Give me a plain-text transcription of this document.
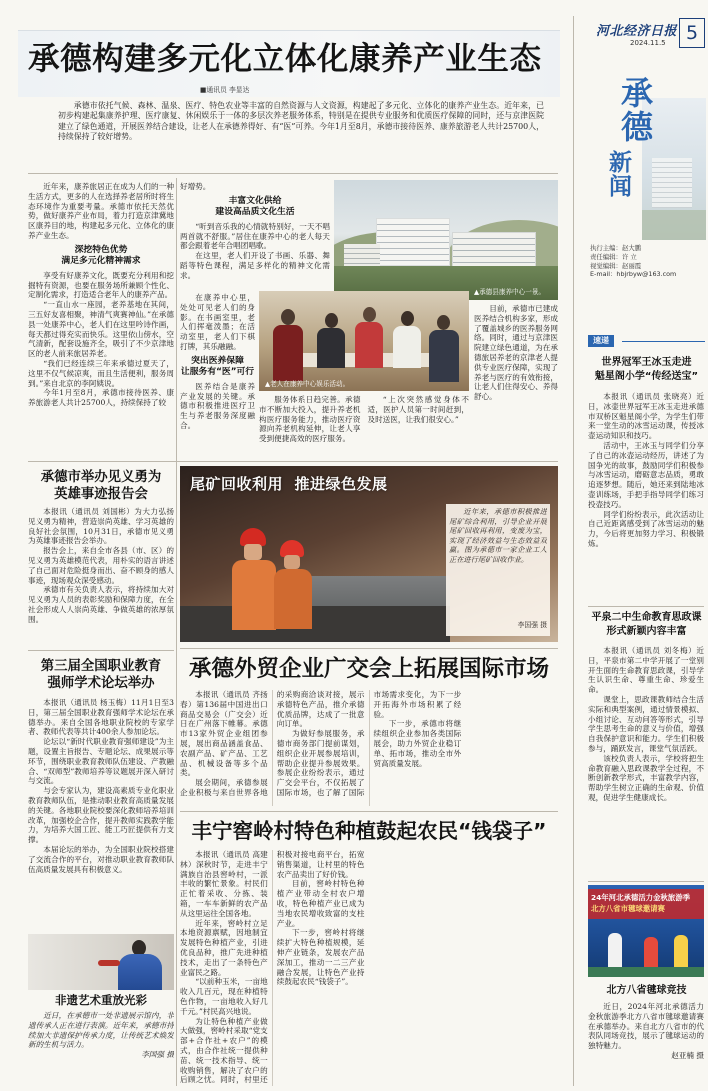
河北经济日报
2024.11.5	5
承德
新闻
执行主编：赵大鹏
责任编辑：许 立
视觉编辑：赵丽霞
E-mail：hbjrbyw@163.com
速递
承德构建多元化立体化康养产业生态
■通讯员 李显达

承德市依托气候、森林、温泉、医疗、特色农业等丰富的自然资源与人文资源，构建起了多元化、立体化的康养产业生态。近年来，已初步构建起集康养护理、医疗康复、休闲娱乐于一体的多层次养老服务体系，特别是在提供专业服务和优质医疗保障的同时，还与京津医院建立了绿色通道，开展医养结合建设，让老人在承德养得好、有“医”可养。今年1月至8月，承德市接待医养、康养旅游老人共计25700人，持续保持了较好增势。

近年来，康养旅居正在成为人们的一种生活方式，更多的人在选择养老居所时将生态环境作为重要考量。承德市依托天然优势，做好康养产业布局，着力打造京津冀地区康养目的地，构建起多元化、立体化的康养产业生态。

深挖特色优势
满足多元化精神需求

享受有好康养文化，既要充分利用和挖掘特有资源，也要在服务场所兼顾个性化、定制化需求，打造适合老年人的康养产品。

“一直山水一座园，老养基地在其间，三五好友喜相聚，神清气爽赛神仙。”在承德县一处康养中心，老人们在这里吟诗作画，每天都过得充实而快乐。这里依山傍水，空气清新，配套设施齐全，吸引了不少京津地区的老人前来旅居养老。

“我们已经连续三年来承德过夏天了，这里不仅气候凉爽，而且生活便利，服务周到。”来自北京的李阿姨说。

今年1月至8月，承德市接待医养、康养旅游老人共计25700人，持续保持了较

好增势。

丰富文化供给
建设高品质文化生活

“听到音乐我的心情就特别好，一天不唱两首就不舒服。”居住在康养中心的老人每天都会跟着老年合唱团唱歌。

在这里，老人们开设了书画、乐器、舞蹈等特色课程，满足多样化的精神文化需求。

▲承德县康养中心一景。

在康养中心里，处处可见老人们的身影。在书画室里，老人们挥毫泼墨；在活动室里，老人们下棋打牌，其乐融融。

突出医养保障
让服务有“医”可行

医养结合是康养产业发展的关键。承德市积极推进医疗卫生与养老服务深度融合。

▲老人在康养中心娱乐活动。

服务体系日趋完善。承德市不断加大投入，提升养老机构医疗服务能力，推动医疗资源向养老机构延伸，让老人享受到便捷高效的医疗服务。

“上次突然感觉身体不适，医护人员第一时间赶到，及时送医，让我们很安心。”

目前，承德市已建成医养结合机构多家，形成了覆盖城乡的医养服务网络。同时，通过与京津医院建立绿色通道，为在承德旅居养老的京津老人提供专业医疗保障，实现了养老与医疗的有效衔接，让老人们住得安心、养得舒心。

尾矿回收利用  推进绿色发展
近年来，承德市积极推进尾矿综合利用，引导企业开展尾矿回收再利用，变废为宝，实现了经济效益与生态效益双赢。图为承德市一家企业工人正在进行尾矿回收作业。
李国强 摄
承德市举办见义勇为
英雄事迹报告会

本报讯（通讯员 刘国彬）为大力弘扬见义勇为精神，营造崇尚英雄、学习英雄的良好社会氛围，10月31日，承德市见义勇为英雄事迹报告会举办。

报告会上，来自全市各县（市、区）的见义勇为英雄模范代表，用朴实的语言讲述了自己面对危险挺身而出、奋不顾身的感人事迹，现场观众深受感动。

承德市有关负责人表示，将持续加大对见义勇为人员的表彰奖励和保障力度，在全社会形成人人崇尚英雄、争做英雄的浓厚氛围。

第三届全国职业教育
强师学术论坛举办

本报讯（通讯员 杨玉梅）11月1日至3日，第三届全国职业教育强师学术论坛在承德举办。来自全国各地职业院校的专家学者、教师代表等共计400余人参加论坛。

论坛以“新时代职业教育强师建设”为主题，设置主旨报告、专题论坛、成果展示等环节，围绕职业教育教师队伍建设、产教融合、“双师型”教师培养等议题展开深入研讨与交流。

与会专家认为，建设高素质专业化职业教育教师队伍，是推动职业教育高质量发展的关键。各地职业院校要深化教师培养培训改革，加强校企合作，提升教师实践教学能力，为培养大国工匠、能工巧匠提供有力支撑。

本届论坛的举办，为全国职业院校搭建了交流合作的平台，对推动职业教育教师队伍高质量发展具有积极意义。

非遗艺术重放光彩

近日，在承德市一处非遗展示馆内，非遗传承人正在进行表演。近年来，承德市持续加大非遗保护传承力度，让传统艺术焕发新的生机与活力。

李国强 摄
承德外贸企业广交会上拓展国际市场

本报讯（通讯员 齐扬春）第136届中国进出口商品交易会（广交会）近日在广州落下帷幕。承德市13家外贸企业组团参展，展出商品涵盖食品、农副产品、矿产品、工艺品、机械设备等多个品类。

展会期间，承德参展企业积极与来自世界各地的采购商洽谈对接，展示承德特色产品，推介承德优质品牌，达成了一批意向订单。

为做好参展服务，承德市商务部门提前谋划，组织企业开展参展培训，帮助企业提升参展效果。参展企业纷纷表示，通过广交会平台，不仅拓展了国际市场，也了解了国际市场需求变化，为下一步开拓海外市场积累了经验。

下一步，承德市将继续组织企业参加各类国际展会，助力外贸企业稳订单、拓市场，推动全市外贸高质量发展。

丰宁窖岭村特色种植鼓起农民“钱袋子”

本报讯（通讯员 高建林）深秋时节，走进丰宁满族自治县窖岭村，一派丰收的繁忙景象。村民们正忙着采收、分拣、装箱，一车车新鲜的农产品从这里运往全国各地。

近年来，窖岭村立足本地资源禀赋，因地制宜发展特色种植产业，引进优良品种，推广先进种植技术，走出了一条特色产业富民之路。

“以前种玉米，一亩地收入几百元，现在种植特色作物，一亩地收入好几千元。”村民高兴地说。

为让特色种植产业做大做强，窖岭村采取“党支部+合作社+农户”的模式，由合作社统一提供种苗、统一技术指导、统一收购销售，解决了农户的后顾之忧。同时，村里还积极对接电商平台，拓宽销售渠道，让村里的特色农产品卖出了好价钱。

目前，窖岭村特色种植产业带动全村农户增收，特色种植产业已成为当地农民增收致富的支柱产业。

下一步，窖岭村将继续扩大特色种植规模，延伸产业链条，发展农产品深加工，推动一二三产业融合发展，让特色产业持续鼓起农民“钱袋子”。

世界冠军王冰玉走进
魁星阁小学“传经送宝”

本报讯（通讯员 张晓亮）近日，冰壶世界冠军王冰玉走进承德市双桥区魁星阁小学，为学生们带来一堂生动的冰雪运动课，传授冰壶运动知识和技巧。

活动中，王冰玉与同学们分享了自己的冰壶运动经历，讲述了为国争光的故事，鼓励同学们积极参与冰雪运动，磨砺意志品质，勇敢追逐梦想。随后，她还来到陆地冰壶训练场，手把手指导同学们练习投壶技巧。

同学们纷纷表示，此次活动让自己近距离感受到了冰雪运动的魅力，今后将更加努力学习、积极锻炼。

平泉二中生命教育思政课
形式新颖内容丰富

本报讯（通讯员 刘冬梅）近日，平泉市第二中学开展了一堂别开生面的生命教育思政课，引导学生认识生命、尊重生命、珍爱生命。

课堂上，思政课教师结合生活实际和典型案例，通过情景模拟、小组讨论、互动问答等形式，引导学生思考生命的意义与价值，增强自我保护意识和能力。学生们积极参与，踊跃发言，课堂气氛活跃。

该校负责人表示，学校将把生命教育融入思政课教学全过程，不断创新教学形式，丰富教学内容，帮助学生树立正确的生命观、价值观，促进学生健康成长。

24年河北承德活力金秋旅游季
北方八省市毽球邀请赛
北方八省毽球竞技

近日，2024年河北承德活力金秋旅游季北方八省市毽球邀请赛在承德举办。来自北方八省市的代表队同场竞技，展示了毽球运动的独特魅力。

赵亚楠 摄
